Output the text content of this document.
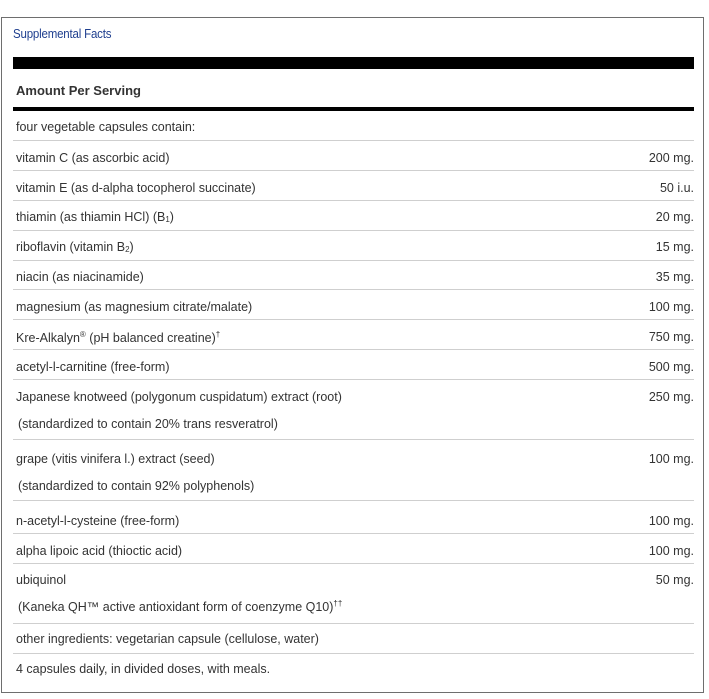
Supplemental Facts
Amount Per Serving
four vegetable capsules contain:
vitamin C (as ascorbic acid)	200 mg.
vitamin E (as d-alpha tocopherol succinate)	50 i.u.
thiamin (as thiamin HCl) $(B_1)$	20 mg.
riboflavin (vitamin $B_2$)	15 mg.
niacin (as niacinamide)	35 mg.
magnesium (as magnesium citrate/malate)	100 mg.
Kre-Alkalyn® (pH balanced creatine)†	750 mg.
acetyl-l-carnitine (free-form)	500 mg.
Japanese knotweed (polygonum cuspidatum) extract (root)	250 mg.
(standardized to contain 20% trans resveratrol)
grape (vitis vinifera l.) extract (seed)	100 mg.
(standardized to contain 92% polyphenols)
n-acetyl-l-cysteine (free-form)	100 mg.
alpha lipoic acid (thioctic acid)	100 mg.
ubiquinol	50 mg.
(Kaneka QH™ active antioxidant form of coenzyme Q10)††
other ingredients: vegetarian capsule (cellulose, water)
4 capsules daily, in divided doses, with meals.
